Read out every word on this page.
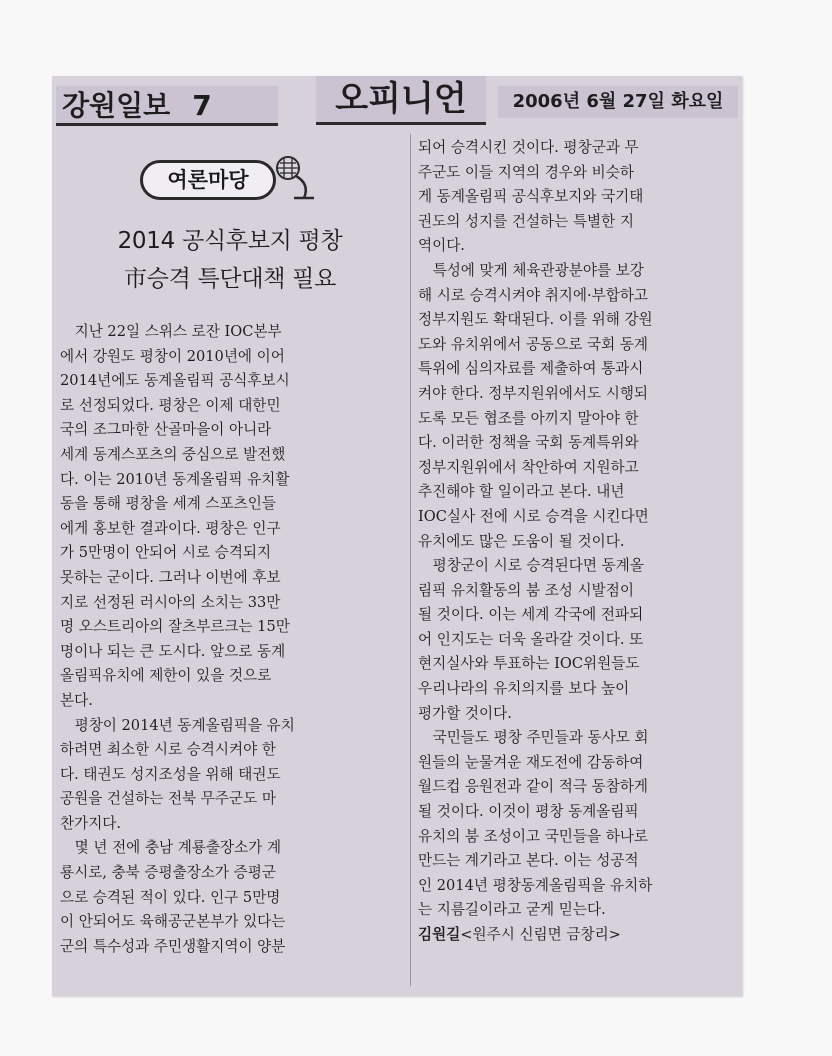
강원일보 7	오피니언	2006년 6월 27일 화요일
여론마당
2014 공식후보지 평창
市승격 특단대책 필요
　지난 22일 스위스 로잔 IOC본부
에서 강원도 평창이 2010년에 이어
2014년에도 동계올림픽 공식후보시
로 선정되었다. 평창은 이제 대한민
국의 조그마한 산골마을이 아니라
세계 동계스포츠의 중심으로 발전했
다. 이는 2010년 동계올림픽 유치활
동을 통해 평창을 세계 스포츠인들
에게 홍보한 결과이다. 평창은 인구
가 5만명이 안되어 시로 승격되지
못하는 군이다. 그러나 이번에 후보
지로 선정된 러시아의 소치는 33만
명 오스트리아의 잘츠부르크는 15만
명이나 되는 큰 도시다. 앞으로 동계
올림픽유치에 제한이 있을 것으로
본다.
　평창이 2014년 동계올림픽을 유치
하려면 최소한 시로 승격시켜야 한
다. 태권도 성지조성을 위해 태권도
공원을 건설하는 전북 무주군도 마
찬가지다.
　몇 년 전에 충남 계룡출장소가 계
룡시로, 충북 증평출장소가 증평군
으로 승격된 적이 있다. 인구 5만명
이 안되어도 육해공군본부가 있다는
군의 특수성과 주민생활지역이 양분
되어 승격시킨 것이다. 평창군과 무
주군도 이들 지역의 경우와 비슷하
게 동계올림픽 공식후보지와 국기태
권도의 성지를 건설하는 특별한 지
역이다.
　특성에 맞게 체육관광분야를 보강
해 시로 승격시켜야 취지에·부합하고
정부지원도 확대된다. 이를 위해 강원
도와 유치위에서 공동으로 국회 동계
특위에 심의자료를 제출하여 통과시
켜야 한다. 정부지원위에서도 시행되
도록 모든 협조를 아끼지 말아야 한
다. 이러한 정책을 국회 동계특위와
정부지원위에서 착안하여 지원하고
추진해야 할 일이라고 본다. 내년
IOC실사 전에 시로 승격을 시킨다면
유치에도 많은 도움이 될 것이다.
　평창군이 시로 승격된다면 동계올
림픽 유치활동의 붐 조성 시발점이
될 것이다. 이는 세계 각국에 전파되
어 인지도는 더욱 올라갈 것이다. 또
현지실사와 투표하는 IOC위원들도
우리나라의 유치의지를 보다 높이
평가할 것이다.
　국민들도 평창 주민들과 동사모 회
원들의 눈물겨운 재도전에 감동하여
월드컵 응원전과 같이 적극 동참하게
될 것이다. 이것이 평창 동계올림픽
유치의 붐 조성이고 국민들을 하나로
만드는 계기라고 본다. 이는 성공적
인 2014년 평창동계올림픽을 유치하
는 지름길이라고 굳게 믿는다.
김원길<원주시 신림면 금창리>
